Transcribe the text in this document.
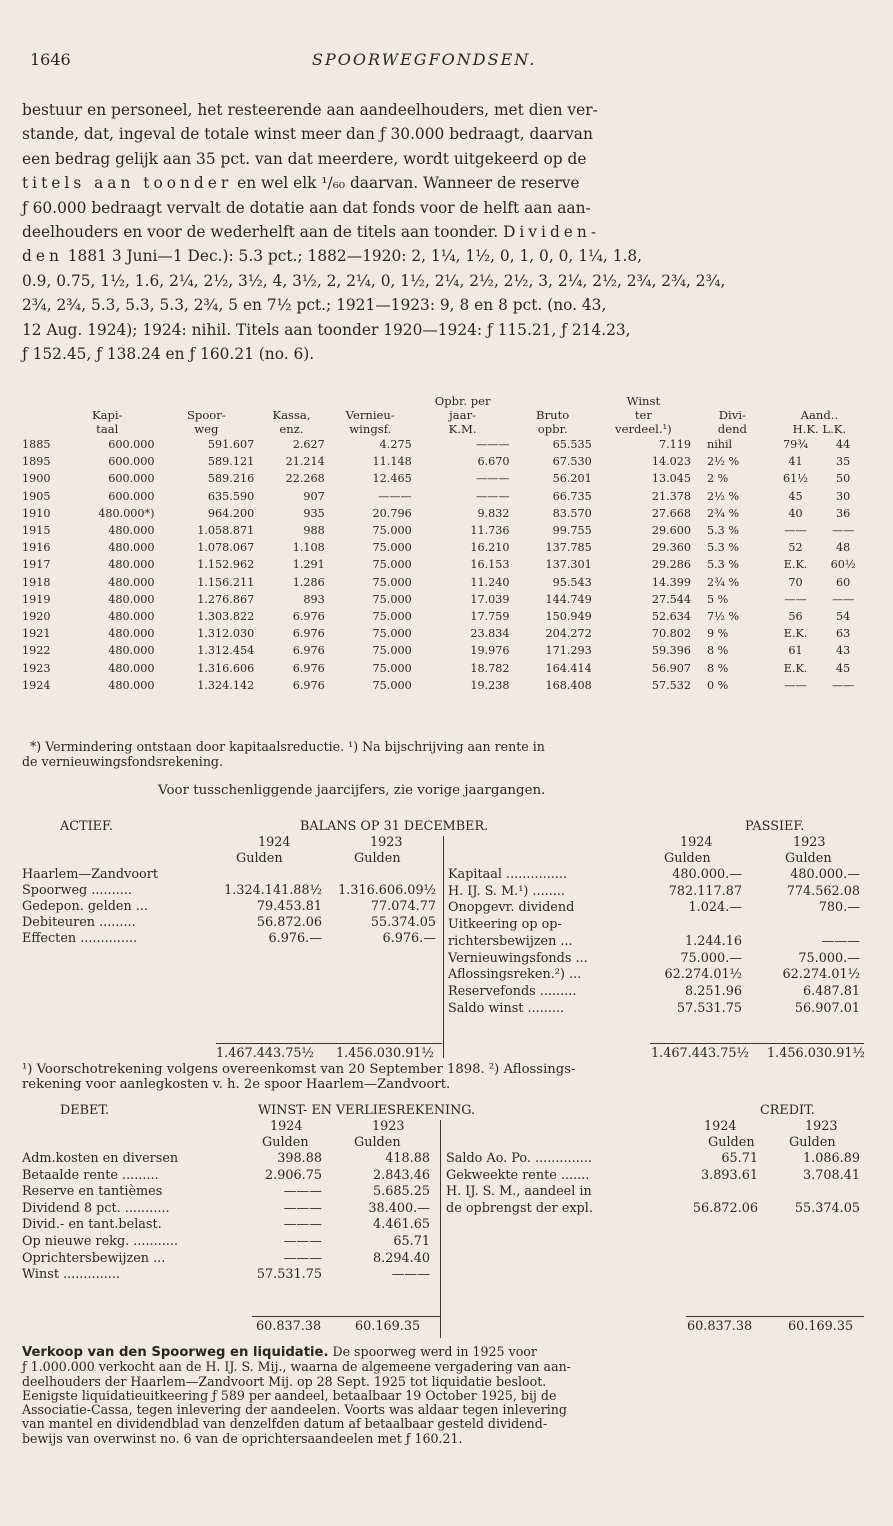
1646	SPOORWEGFONDSEN.

bestuur en personeel, het resteerende aan aandeelhouders, met dien ver-

stande, dat, ingeval de totale winst meer dan ƒ 30.000 bedraagt, daarvan

een bedrag gelijk aan 35 pct. van dat meerdere, wordt uitgekeerd op de

titels aan toonder en wel elk ¹/₆₀ daarvan. Wanneer de reserve

ƒ 60.000 bedraagt vervalt de dotatie aan dat fonds voor de helft aan aan-

deelhouders en voor de wederhelft aan de titels aan toonder. Dividen-

den 1881 3 Juni—1 Dec.): 5.3 pct.; 1882—1920: 2, 1¼, 1½, 0, 1, 0, 0, 1¼, 1.8,

0.9, 0.75, 1½, 1.6, 2¼, 2½, 3½, 4, 3½, 2, 2¼, 0, 1½, 2¼, 2½, 2½, 3, 2¼, 2½, 2¾, 2¾, 2¾,

2¾, 2¾, 5.3, 5.3, 5.3, 2¾, 5 en 7½ pct.; 1921—1923: 9, 8 en 8 pct. (no. 43,

12 Aug. 1924); 1924: nihil. Titels aan toonder 1920—1924: ƒ 115.21, ƒ 214.23,

ƒ 152.45, ƒ 138.24 en ƒ 160.21 (no. 6).

					Opbr. per		Winst			
	Kapi-	Spoor-	Kassa,	Vernieu-	jaar-	Bruto	ter	Divi-	Aand..	
	taal	weg	enz.	wingsf.	K.M.	opbr.	verdeel.¹)	dend	H.K. L.K.	
1885	600.000	591.607	2.627	4.275	———	65.535	7.119	nihil	79¾	44
1895	600.000	589.121	21.214	11.148	6.670	67.530	14.023	2½ %	41	35
1900	600.000	589.216	22.268	12.465	———	56.201	13.045	2 %	61½	50
1905	600.000	635.590	907	———	———	66.735	21.378	2½ %	45	30
1910	480.000*)	964.200	935	20.796	9.832	83.570	27.668	2¾ %	40	36
1915	480.000	1.058.871	988	75.000	11.736	99.755	29.600	5.3 %	——	——
1916	480.000	1.078.067	1.108	75.000	16.210	137.785	29.360	5.3 %	52	48
1917	480.000	1.152.962	1.291	75.000	16.153	137.301	29.286	5.3 %	E.K.	60½
1918	480.000	1.156.211	1.286	75.000	11.240	95.543	14.399	2¾ %	70	60
1919	480.000	1.276.867	893	75.000	17.039	144.749	27.544	5 %	——	——
1920	480.000	1.303.822	6.976	75.000	17.759	150.949	52.634	7½ %	56	54
1921	480.000	1.312.030	6.976	75.000	23.834	204.272	70.802	9 %	E.K.	63
1922	480.000	1.312.454	6.976	75.000	19.976	171.293	59.396	8 %	61	43
1923	480.000	1.316.606	6.976	75.000	18.782	164.414	56.907	8 %	E.K.	45
1924	480.000	1.324.142	6.976	75.000	19.238	168.408	57.532	0 %	——	——
*) Vermindering ontstaan door kapitaalsreductie. ¹) Na bijschrijving aan rente in
de vernieuwingsfondsrekening.
Voor tusschenliggende jaarcijfers, zie vorige jaargangen.
ACTIEF.	BALANS OP 31 DECEMBER.	PASSIEF.
1924	1923	1924	1923
Gulden	Gulden	Gulden	Gulden
Haarlem—Zandvoort
Spoorweg ..........	1.324.141.88½ 1.316.606.09½
Gedepon. gelden ...	79.453.81	77.074.77
Debiteuren .........	56.872.06	55.374.05
Effecten ..............	6.976.—	6.976.—
Kapitaal ...............	480.000.—	480.000.—
H. IJ. S. M.¹) ........	782.117.87	774.562.08
Onopgevr. dividend	1.024.—	780.—
Uitkeering op op-
richtersbewijzen ...	1.244.16	———
Vernieuwingsfonds ...	75.000.—	75.000.—
Aflossingsreken.²) ...	62.274.01½	62.274.01½
Reservefonds .........	8.251.96	6.487.81
Saldo winst .........	57.531.75	56.907.01
1.467.443.75½ 1.456.030.91½	1.467.443.75½ 1.456.030.91½
¹) Voorschotrekening volgens overeenkomst van 20 September 1898. ²) Aflossings-
rekening voor aanlegkosten v. h. 2e spoor Haarlem—Zandvoort.
DEBET.	WINST- EN VERLIESREKENING.	CREDIT.
1924	1923	1924	1923
Gulden	Gulden	Gulden	Gulden
Adm.kosten en diversen	398.88	418.88
Betaalde rente .........	2.906.75	2.843.46
Reserve en tantièmes	———	5.685.25
Dividend 8 pct. ...........	———	38.400.—
Divid.- en tant.belast.	———	4.461.65
Op nieuwe rekg. ...........	———	65.71
Oprichtersbewijzen ...	———	8.294.40
Winst ..............	57.531.75	———
Saldo Ao. Po. ..............	65.71	1.086.89
Gekweekte rente .......	3.893.61	3.708.41
H. IJ. S. M., aandeel in
de opbrengst der expl.	56.872.06	55.374.05
60.837.38	60.169.35	60.837.38	60.169.35

Verkoop van den Spoorweg en liquidatie. De spoorweg werd in 1925 voor

ƒ 1.000.000 verkocht aan de H. IJ. S. Mij., waarna de algemeene vergadering van aan-

deelhouders der Haarlem—Zandvoort Mij. op 28 Sept. 1925 tot liquidatie besloot.

Eenigste liquidatieuitkeering ƒ 589 per aandeel, betaalbaar 19 October 1925, bij de

Associatie-Cassa, tegen inlevering der aandeelen. Voorts was aldaar tegen inlevering

van mantel en dividendblad van denzelfden datum af betaalbaar gesteld dividend-

bewijs van overwinst no. 6 van de oprichtersaandeelen met ƒ 160.21.
